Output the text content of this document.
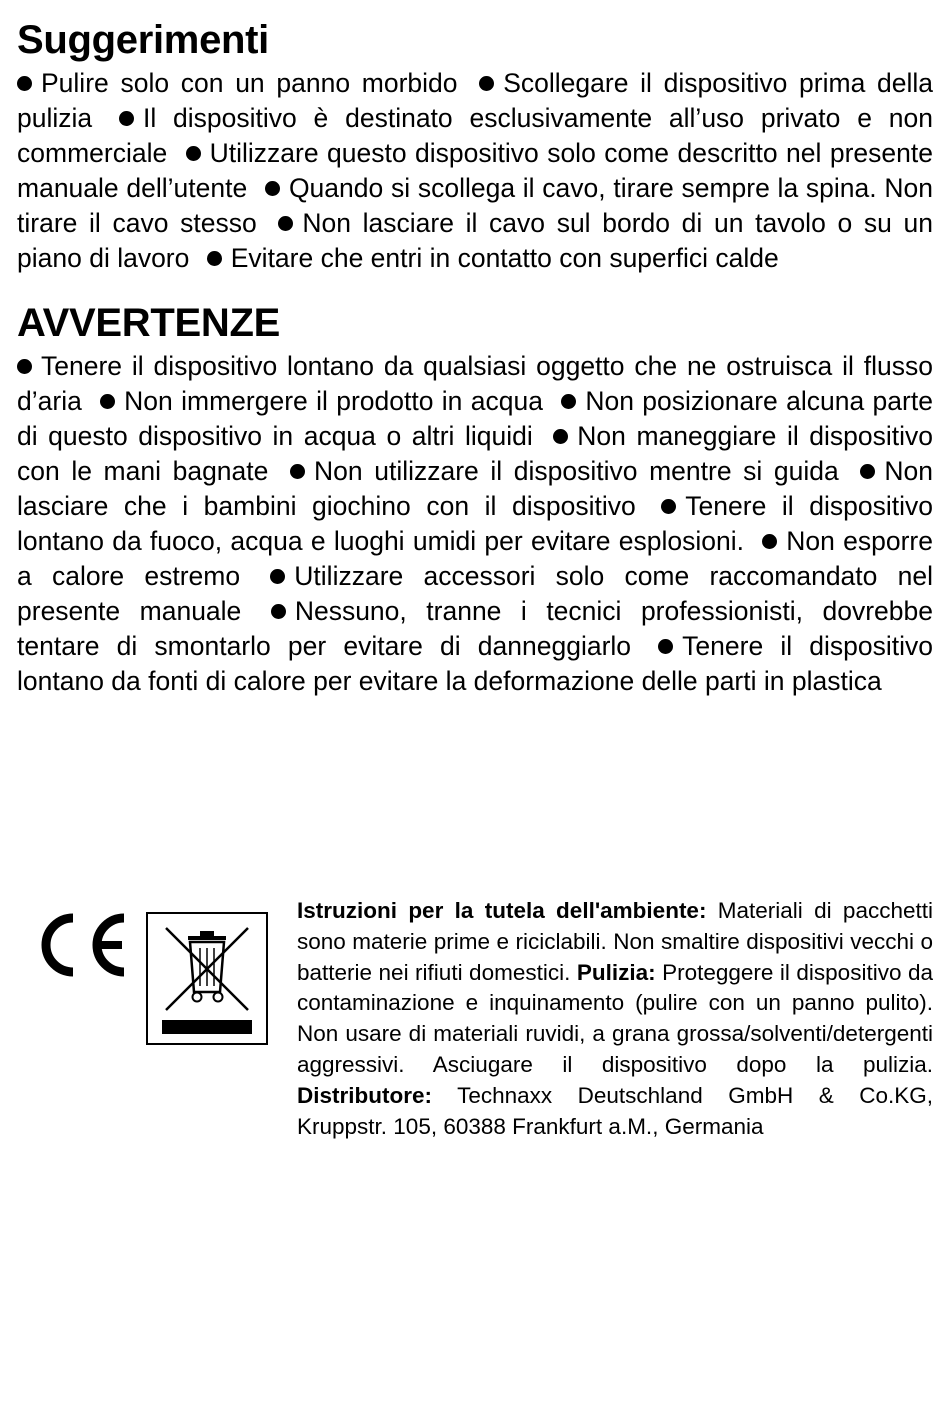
Suggerimenti

Pulire solo con un panno morbido Scollegare il dispositivo prima della pulizia Il dispositivo è destinato esclusivamente all’uso privato e non commerciale Utilizzare questo dispositivo solo come descritto nel presente manuale dell’utente Quando si scollega il cavo, tirare sempre la spina. Non tirare il cavo stesso Non lasciare il cavo sul bordo di un tavolo o su un piano di lavoro Evitare che entri in contatto con superfici calde

AVVERTENZE

Tenere il dispositivo lontano da qualsiasi oggetto che ne ostruisca il flusso d’aria Non immergere il prodotto in acqua Non posizionare alcuna parte di questo dispositivo in acqua o altri liquidi Non maneggiare il dispositivo con le mani bagnate Non utilizzare il dispositivo mentre si guida Non lasciare che i bambini giochino con il dispositivo Tenere il dispositivo lontano da fuoco, acqua e luoghi umidi per evitare esplosioni. Non esporre a calore estremo Utilizzare accessori solo come raccomandato nel presente manuale Nessuno, tranne i tecnici professionisti, dovrebbe tentare di smontarlo per evitare di danneggiarlo Tenere il dispositivo lontano da fonti di calore per evitare la deformazione delle parti in plastica

Istruzioni per la tutela dell'ambiente: Materiali di pacchetti sono materie prime e riciclabili. Non smaltire dispositivi vecchi o batterie nei rifiuti domestici. Pulizia: Proteggere il dispositivo da contaminazione e inquinamento (pulire con un panno pulito). Non usare di materiali ruvidi, a grana grossa/solventi/detergenti aggressivi. Asciugare il dispositivo dopo la pulizia. Distributore: Technaxx Deutschland GmbH & Co.KG, Kruppstr. 105, 60388 Frankfurt a.M., Germania
